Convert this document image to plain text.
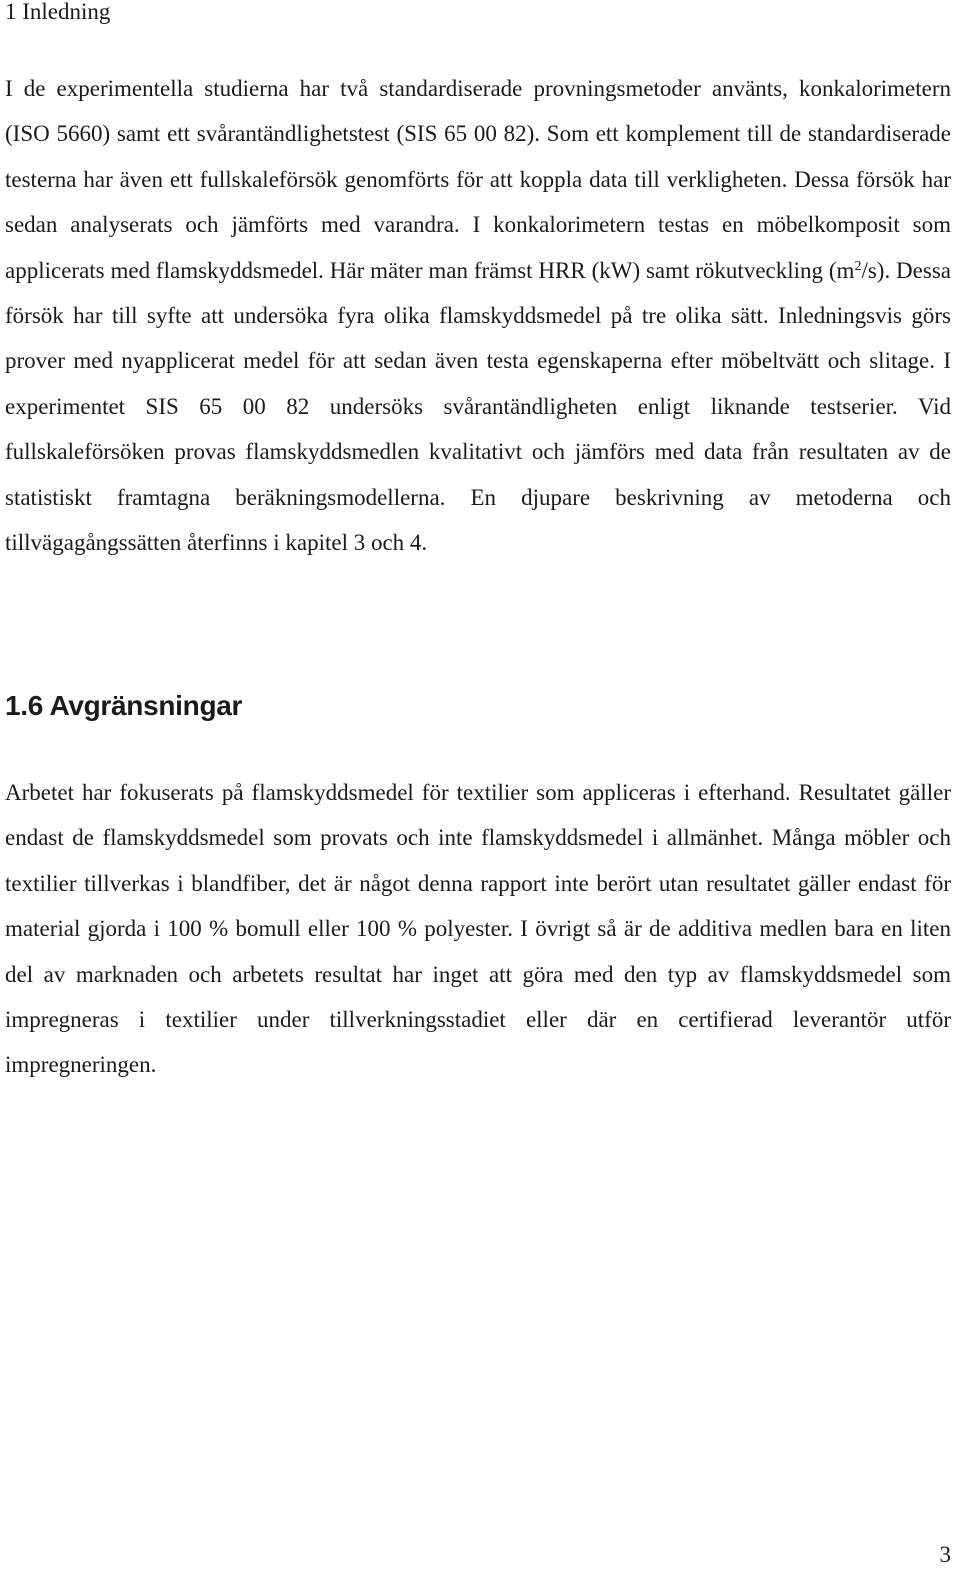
1 Inledning

I de experimentella studierna har två standardiserade provningsmetoder använts, konkalorimetern (ISO 5660) samt ett svårantändlighetstest (SIS 65 00 82). Som ett komplement till de standardiserade testerna har även ett fullskaleförsök genomförts för att koppla data till verkligheten. Dessa försök har sedan analyserats och jämförts med varandra. I konkalorimetern testas en möbelkomposit som applicerats med flamskyddsmedel. Här mäter man främst HRR (kW) samt rökutveckling $(m^2/s)$. Dessa försök har till syfte att undersöka fyra olika flamskyddsmedel på tre olika sätt. Inledningsvis görs prover med nyapplicerat medel för att sedan även testa egenskaperna efter möbeltvätt och slitage. I experimentet SIS 65 00 82 undersöks svårantändligheten enligt liknande testserier. Vid fullskaleförsöken provas flamskyddsmedlen kvalitativt och jämförs med data från resultaten av de statistiskt framtagna beräkningsmodellerna. En djupare beskrivning av metoderna och tillvägagångssätten återfinns i kapitel 3 och 4.

1.6 Avgränsningar

Arbetet har fokuserats på flamskyddsmedel för textilier som appliceras i efterhand. Resultatet gäller endast de flamskyddsmedel som provats och inte flamskyddsmedel i allmänhet. Många möbler och textilier tillverkas i blandfiber, det är något denna rapport inte berört utan resultatet gäller endast för material gjorda i 100 % bomull eller 100 % polyester. I övrigt så är de additiva medlen bara en liten del av marknaden och arbetets resultat har inget att göra med den typ av flamskyddsmedel som impregneras i textilier under tillverkningsstadiet eller där en certifierad leverantör utför impregneringen.

3
